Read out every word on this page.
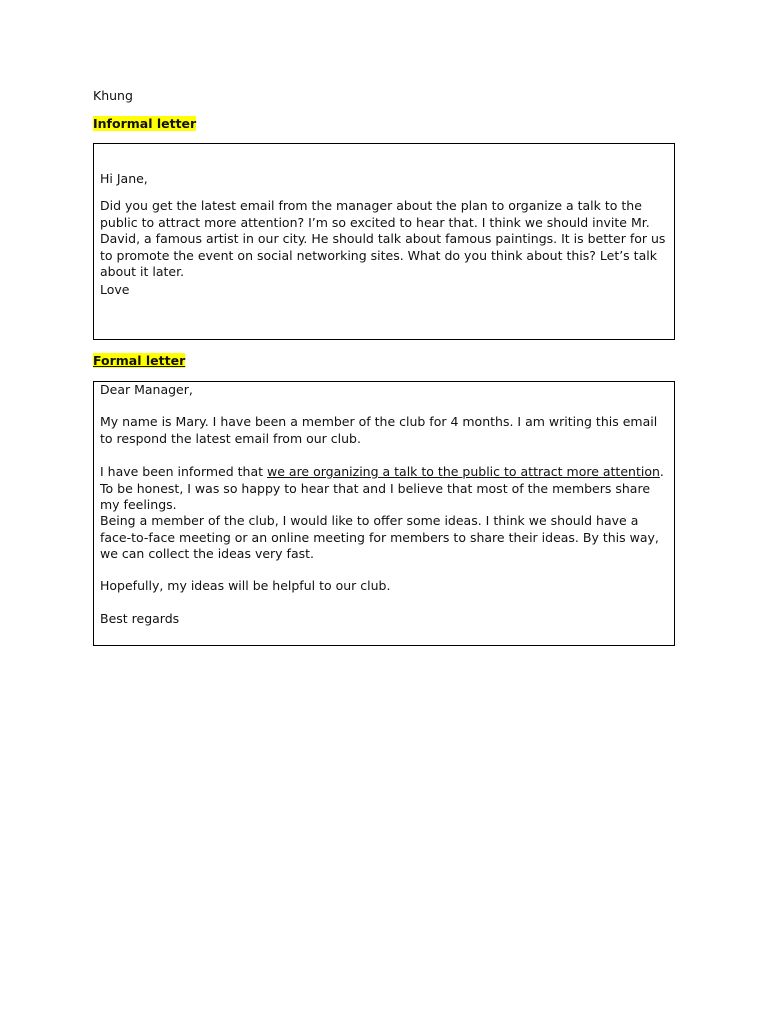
Khung

Informal letter

Hi Jane,

Did you get the latest email from the manager about the plan to organize a talk to the public to attract more attention? I’m so excited to hear that. I think we should invite Mr. David, a famous artist in our city. He should talk about famous paintings. It is better for us to promote the event on social networking sites. What do you think about this? Let’s talk about it later.

Love

Formal letter

Dear Manager,

My name is Mary. I have been a member of the club for 4 months. I am writing this email to respond the latest email from our club.

I have been informed that we are organizing a talk to the public to attract more attention. To be honest, I was so happy to hear that and I believe that most of the members share my feelings.

Being a member of the club, I would like to offer some ideas. I think we should have a face-to-face meeting or an online meeting for members to share their ideas. By this way, we can collect the ideas very fast.

Hopefully, my ideas will be helpful to our club.

Best regards
